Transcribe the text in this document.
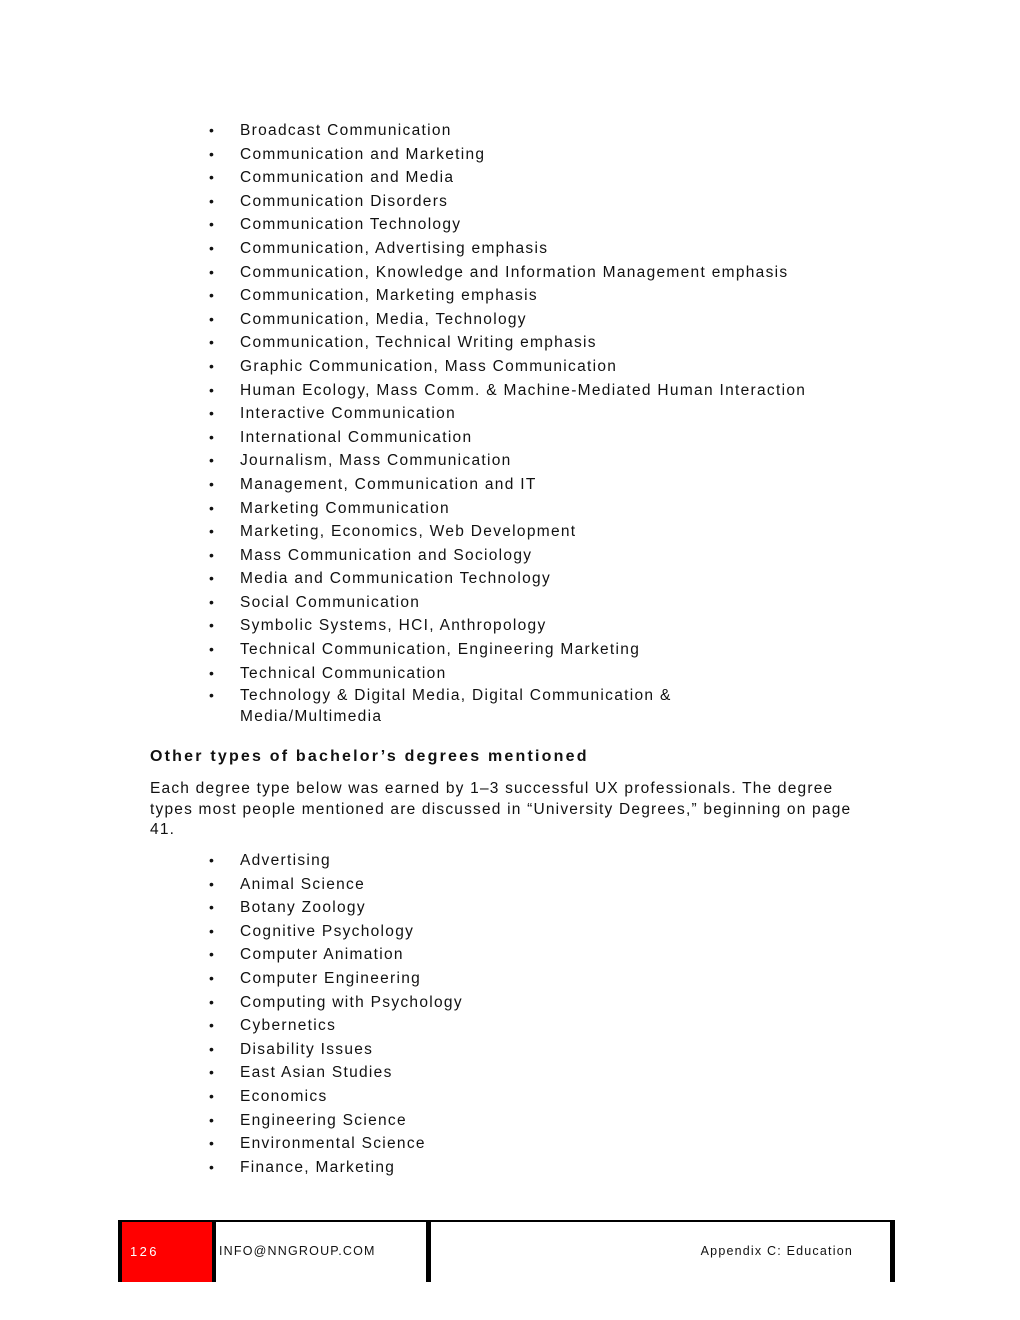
• Broadcast Communication
• Communication and Marketing
• Communication and Media
• Communication Disorders
• Communication Technology
• Communication, Advertising emphasis
• Communication, Knowledge and Information Management emphasis
• Communication, Marketing emphasis
• Communication, Media, Technology
• Communication, Technical Writing emphasis
• Graphic Communication, Mass Communication
• Human Ecology, Mass Comm. & Machine-Mediated Human Interaction
• Interactive Communication
• International Communication
• Journalism, Mass Communication
• Management, Communication and IT
• Marketing Communication
• Marketing, Economics, Web Development
• Mass Communication and Sociology
• Media and Communication Technology
• Social Communication
• Symbolic Systems, HCI, Anthropology
• Technical Communication, Engineering Marketing
• Technical Communication
• Technology & Digital Media, Digital Communication & Media/Multimedia
Other types of bachelor’s degrees mentioned

Each degree type below was earned by 1–3 successful UX professionals. The degree types most people mentioned are discussed in “University Degrees,” beginning on page 41.

• Advertising
• Animal Science
• Botany Zoology
• Cognitive Psychology
• Computer Animation
• Computer Engineering
• Computing with Psychology
• Cybernetics
• Disability Issues
• East Asian Studies
• Economics
• Engineering Science
• Environmental Science
• Finance, Marketing
126	INFO@NNGROUP.COM	Appendix C: Education
